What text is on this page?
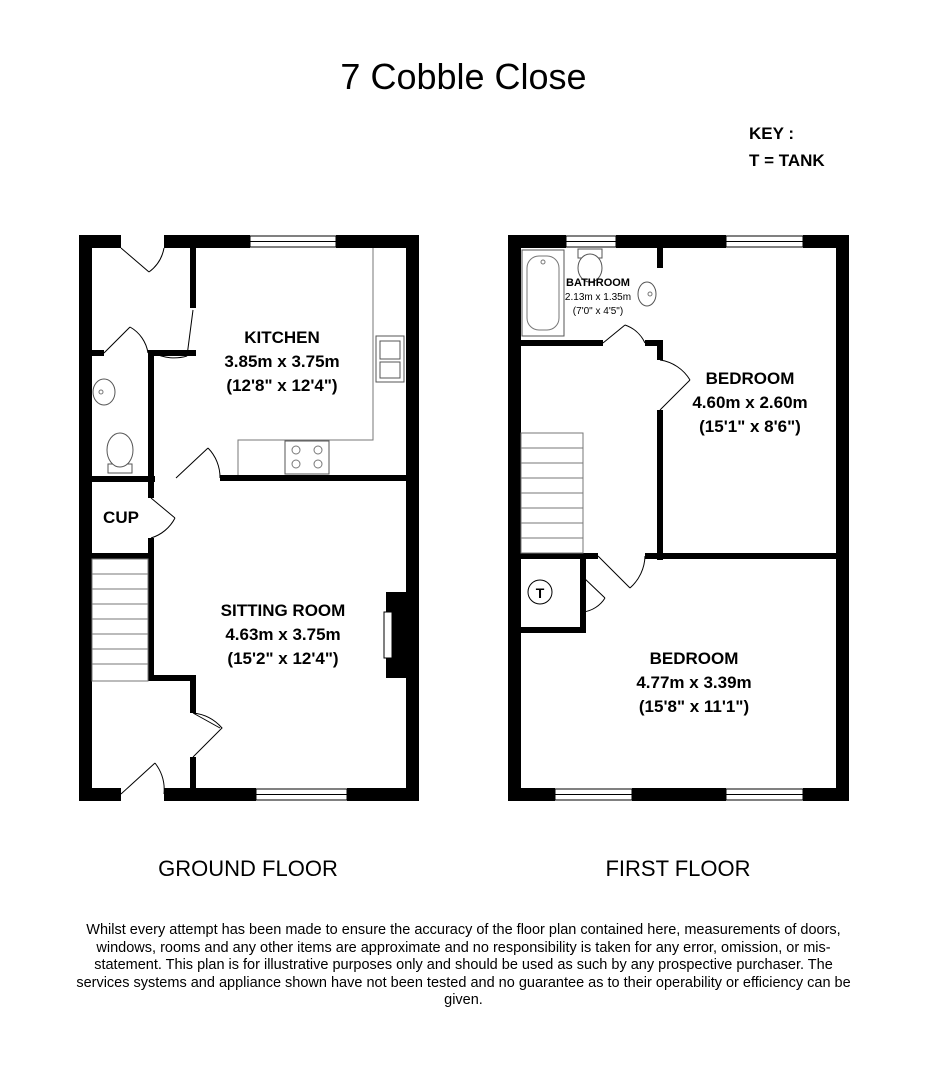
7 Cobble Close
KEY :
T = TANK
KITCHEN
3.85m x 3.75m
(12'8" x 12'4")
CUP
SITTING ROOM
4.63m x 3.75m
(15'2" x 12'4")
T
BATHROOM
2.13m x 1.35m
(7'0" x 4'5")
BEDROOM
4.60m x 2.60m
(15'1" x 8'6")
BEDROOM
4.77m x 3.39m
(15'8" x 11'1")
GROUND FLOOR	FIRST FLOOR
Whilst every attempt has been made to ensure the accuracy of the floor plan contained here, measurements of doors, windows, rooms and any other items are approximate and no responsibility is taken for any error, omission, or mis-statement. This plan is for illustrative purposes only and should be used as such by any prospective purchaser. The services systems and appliance shown have not been tested and no guarantee as to their operability or efficiency can be given.
